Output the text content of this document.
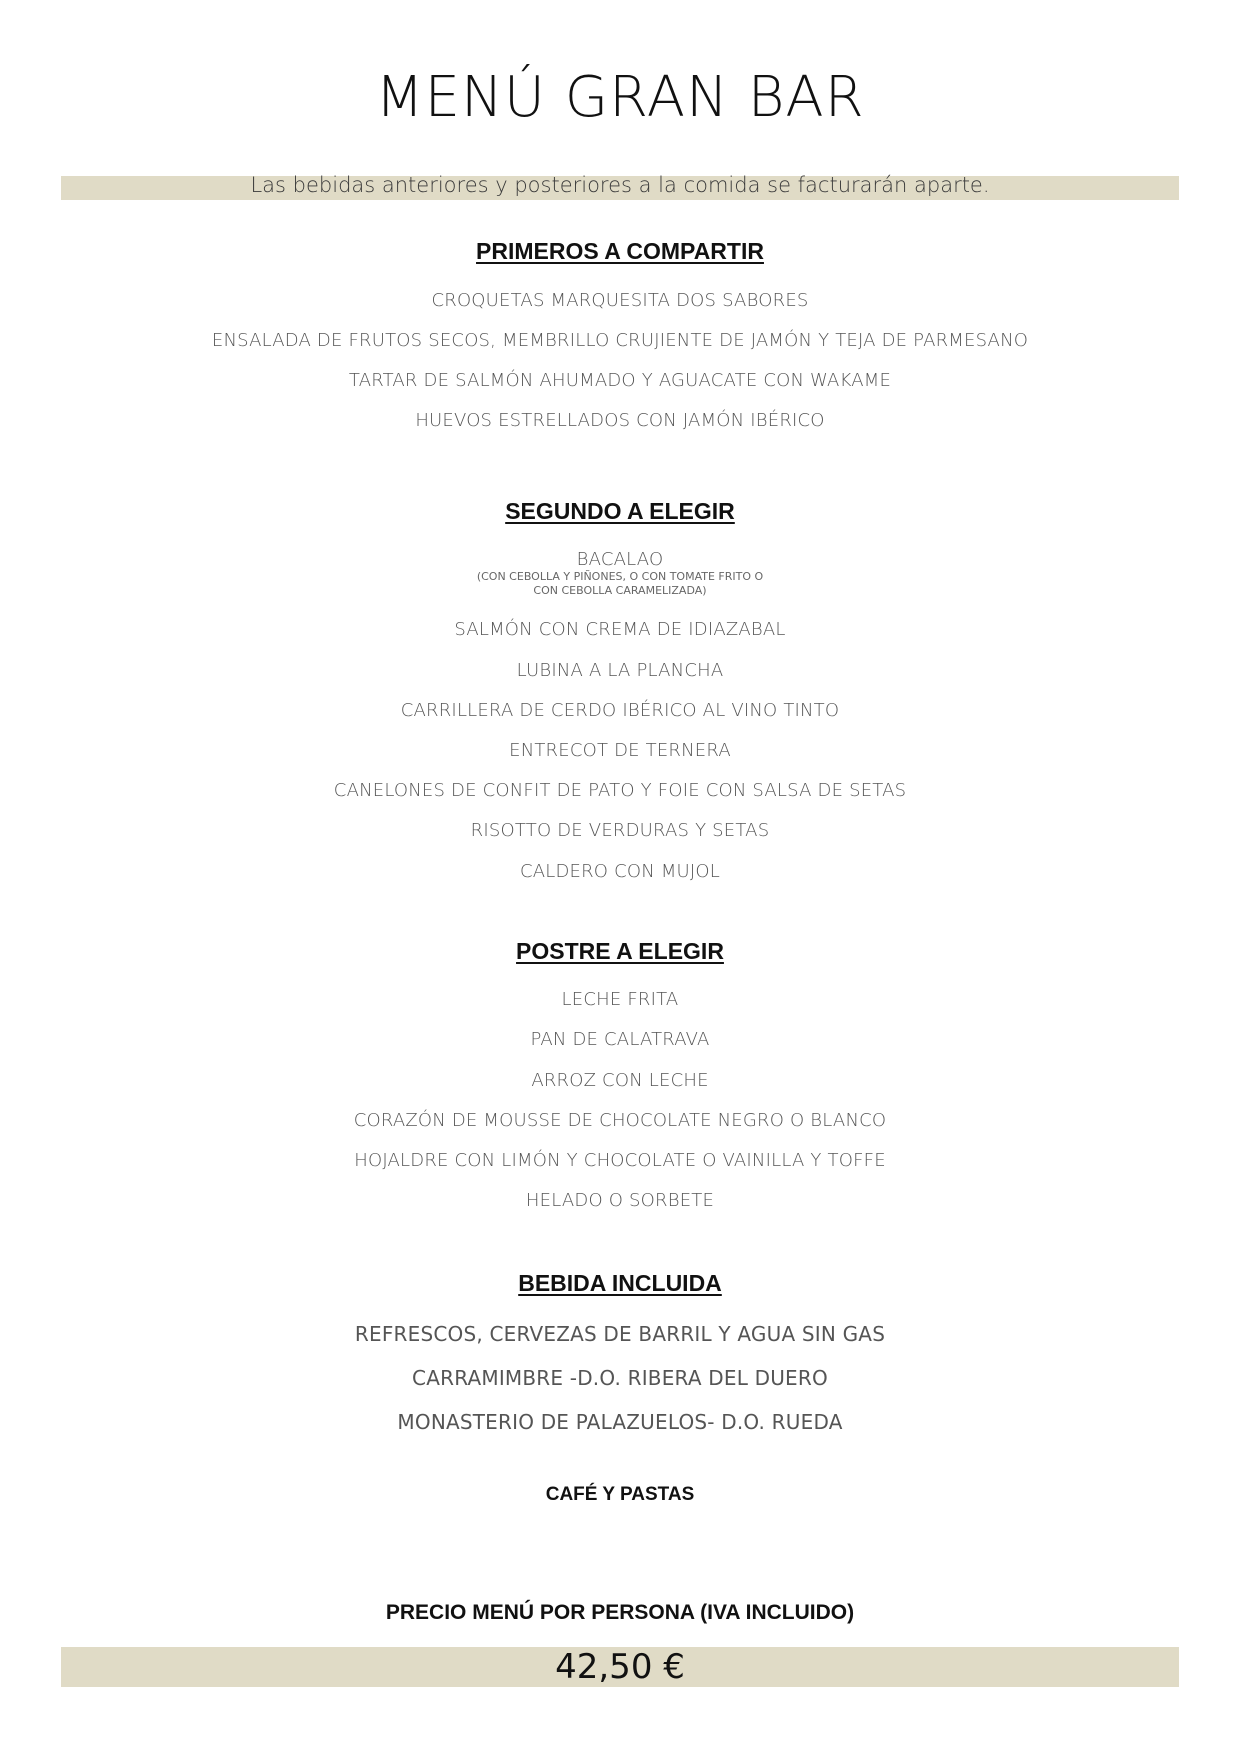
MENÚ GRAN BAR
Las bebidas anteriores y posteriores a la comida se facturarán aparte.
PRIMEROS A COMPARTIR
CROQUETAS MARQUESITA DOS SABORES
ENSALADA DE FRUTOS SECOS, MEMBRILLO CRUJIENTE DE JAMÓN Y TEJA DE PARMESANO
TARTAR DE SALMÓN AHUMADO Y AGUACATE CON WAKAME
HUEVOS ESTRELLADOS CON JAMÓN IBÉRICO
SEGUNDO A ELEGIR
BACALAO
(CON CEBOLLA Y PIÑONES, O CON TOMATE FRITO O
CON CEBOLLA CARAMELIZADA)
SALMÓN CON CREMA DE IDIAZABAL
LUBINA A LA PLANCHA
CARRILLERA DE CERDO IBÉRICO AL VINO TINTO
ENTRECOT DE TERNERA
CANELONES DE CONFIT DE PATO Y FOIE CON SALSA DE SETAS
RISOTTO DE VERDURAS Y SETAS
CALDERO CON MUJOL
POSTRE A ELEGIR
LECHE FRITA
PAN DE CALATRAVA
ARROZ CON LECHE
CORAZÓN DE MOUSSE DE CHOCOLATE NEGRO O BLANCO
HOJALDRE CON LIMÓN Y CHOCOLATE O VAINILLA Y TOFFE
HELADO O SORBETE
BEBIDA INCLUIDA
REFRESCOS, CERVEZAS DE BARRIL Y AGUA SIN GAS
CARRAMIMBRE -D.O. RIBERA DEL DUERO
MONASTERIO DE PALAZUELOS- D.O. RUEDA
CAFÉ Y PASTAS
PRECIO MENÚ POR PERSONA (IVA INCLUIDO)
42,50 €
